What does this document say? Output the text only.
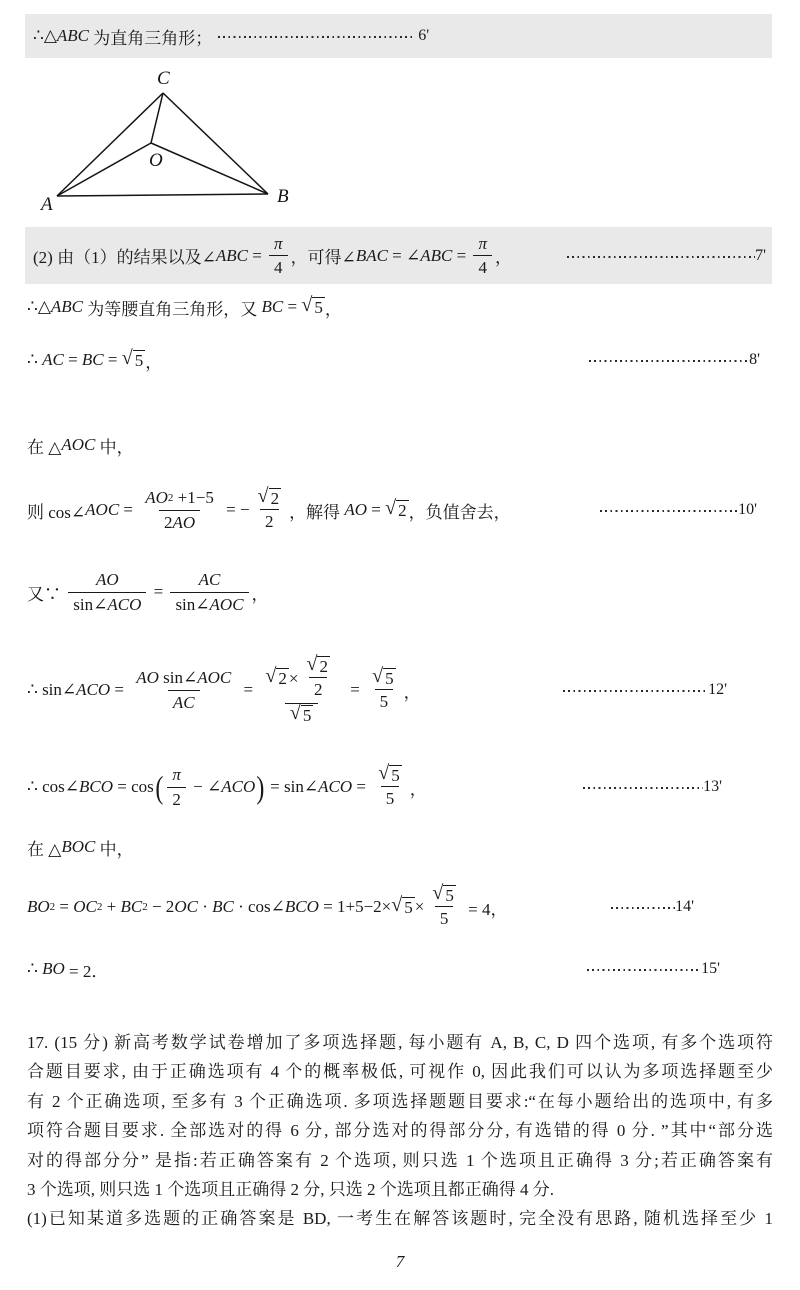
∴△ ABC 为直角三角形；	6'
C
O
A	B
(2) 由（1）的结果以及∠ ABC = $\frac{\pi}{4}$ ，可得∠ BAC = ∠ ABC = $\frac{\pi}{4}$ ，	7'
∴△ ABC 为等腰直角三角形，又 BC = √ 5 ，
∴ AC = BC = √ 5 ，	8'
在 △ AOC 中，
则 cos∠ AOC = $\frac{AO 2 +1-5}{2 AO}$ = − $\frac{√ 2}{2}$ ，解得 AO = √ 2 ，负值舍去，	10'
又∵ $\frac{AO}{\text{sin∠ ACO}} = \frac{AC}{\text{sin∠ AOC}}$ ，
∴ sin∠ ACO = $\frac{\text{AO sin∠ AOC}}{AC} = \frac{√ 2 \times \frac{√ 2}{2}}{√ 5} = \frac{√ 5}{5}$ ，	12'
∴ cos∠ BCO = cos ( $\frac{\pi}{2}$ − ∠ ACO ) = sin∠ ACO = $\frac{√ 5}{5}$ ，	13'
在 △ BOC 中，
BO 2 = OC 2 + BC 2 − 2 OC · BC · cos∠ BCO = 1+5−2× √ $5 \times \frac{√ 5}{5} = 4$，	14'
∴ BO = 2．	15'
17. (15 分) 新高考数学试卷增加了多项选择题, 每小题有 A, B, C, D 四个选项, 有多个选项符
合题目要求, 由于正确选项有 4 个的概率极低, 可视作 0, 因此我们可以认为多项选择题至少
有 2 个正确选项, 至多有 3 个正确选项. 多项选择题题目要求:“在每小题给出的选项中, 有多
项符合题目要求. 全部选对的得 6 分, 部分选对的得部分分, 有选错的得 0 分. ”其中“部分选
对的得部分分” 是指:若正确答案有 2 个选项, 则只选 1 个选项且正确得 3 分;若正确答案有
3 个选项, 则只选 1 个选项且正确得 2 分, 只选 2 个选项且都正确得 4 分.
(1)已知某道多选题的正确答案是 BD, 一考生在解答该题时, 完全没有思路, 随机选择至少 1
7
